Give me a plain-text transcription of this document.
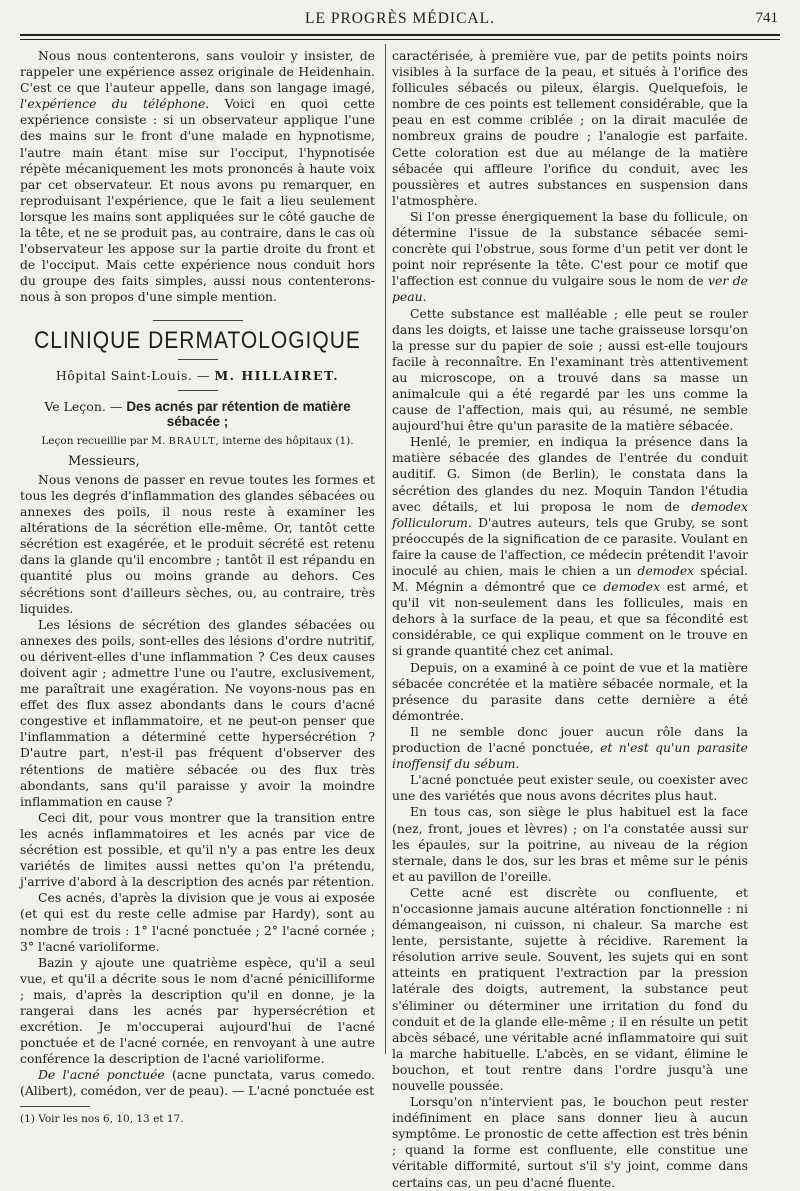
LE PROGRÈS MÉDICAL.	741

Nous nous contenterons, sans vouloir y insister, de rappeler une expérience assez originale de Heidenhain. C'est ce que l'auteur appelle, dans son langage imagé, l'expérience du téléphone. Voici en quoi cette expérience consiste : si un observateur applique l'une des mains sur le front d'une malade en hypnotisme, l'autre main étant mise sur l'occiput, l'hypnotisée répète mécaniquement les mots prononcés à haute voix par cet observateur. Et nous avons pu remarquer, en reproduisant l'expérience, que le fait a lieu seulement lorsque les mains sont appliquées sur le côté gauche de la tête, et ne se produit pas, au contraire, dans le cas où l'observateur les appose sur la partie droite du front et de l'occiput. Mais cette expérience nous conduit hors du groupe des faits simples, aussi nous contenterons-nous à son propos d'une simple mention.

CLINIQUE DERMATOLOGIQUE
Hôpital Saint-Louis. — M. HILLAIRET.
Ve Leçon. — Des acnés par rétention de matière sébacée ;
Leçon recueillie par M. BRAULT, interne des hôpitaux (1).

Messieurs,

Nous venons de passer en revue toutes les formes et tous les degrés d'inflammation des glandes sébacées ou annexes des poils, il nous reste à examiner les altérations de la sécrétion elle-même. Or, tantôt cette sécrétion est exagérée, et le produit sécrété est retenu dans la glande qu'il encombre ; tantôt il est répandu en quantité plus ou moins grande au dehors. Ces sécrétions sont d'ailleurs sèches, ou, au contraire, très liquides.

Les lésions de sécrétion des glandes sébacées ou annexes des poils, sont-elles des lésions d'ordre nutritif, ou dérivent-elles d'une inflammation ? Ces deux causes doivent agir ; admettre l'une ou l'autre, exclusivement, me paraîtrait une exagération. Ne voyons-nous pas en effet des flux assez abondants dans le cours d'acné congestive et inflammatoire, et ne peut-on penser que l'inflammation a déterminé cette hypersécrétion ? D'autre part, n'est-il pas fréquent d'observer des rétentions de matière sébacée ou des flux très abondants, sans qu'il paraisse y avoir la moindre inflammation en cause ?

Ceci dit, pour vous montrer que la transition entre les acnés inflammatoires et les acnés par vice de sécrétion est possible, et qu'il n'y a pas entre les deux variétés de limites aussi nettes qu'on l'a prétendu, j'arrive d'abord à la description des acnés par rétention.

Ces acnés, d'après la division que je vous ai exposée (et qui est du reste celle admise par Hardy), sont au nombre de trois : 1° l'acné ponctuée ; 2° l'acné cornée ; 3° l'acné varioliforme.

Bazin y ajoute une quatrième espèce, qu'il a seul vue, et qu'il a décrite sous le nom d'acné pénicilliforme ; mais, d'après la description qu'il en donne, je la rangerai dans les acnés par hypersécrétion et excrétion. Je m'occuperai aujourd'hui de l'acné ponctuée et de l'acné cornée, en renvoyant à une autre conférence la description de l'acné varioliforme.

De l'acné ponctuée (acne punctata, varus comedo. (Alibert), comédon, ver de peau). — L'acné ponctuée est

(1) Voir les nos 6, 10, 13 et 17.

caractérisée, à première vue, par de petits points noirs visibles à la surface de la peau, et situés à l'orifice des follicules sébacés ou pileux, élargis. Quelquefois, le nombre de ces points est tellement considérable, que la peau en est comme criblée ; on la dirait maculée de nombreux grains de poudre ; l'analogie est parfaite. Cette coloration est due au mélange de la matière sébacée qui affleure l'orifice du conduit, avec les poussières et autres substances en suspension dans l'atmosphère.

Si l'on presse énergiquement la base du follicule, on détermine l'issue de la substance sébacée semi-concrète qui l'obstrue, sous forme d'un petit ver dont le point noir représente la tête. C'est pour ce motif que l'affection est connue du vulgaire sous le nom de ver de peau.

Cette substance est malléable ; elle peut se rouler dans les doigts, et laisse une tache graisseuse lorsqu'on la presse sur du papier de soie ; aussi est-elle toujours facile à reconnaître. En l'examinant très attentivement au microscope, on a trouvé dans sa masse un animalcule qui a été regardé par les uns comme la cause de l'affection, mais qui, au résumé, ne semble aujourd'hui être qu'un parasite de la matière sébacée.

Henlé, le premier, en indiqua la présence dans la matière sébacée des glandes de l'entrée du conduit auditif. G. Simon (de Berlin), le constata dans la sécrétion des glandes du nez. Moquin Tandon l'étudia avec détails, et lui proposa le nom de demodex folliculorum. D'autres auteurs, tels que Gruby, se sont préoccupés de la signification de ce parasite. Voulant en faire la cause de l'affection, ce médecin prétendit l'avoir inoculé au chien, mais le chien a un demodex spécial. M. Mégnin a démontré que ce demodex est armé, et qu'il vit non-seulement dans les follicules, mais en dehors à la surface de la peau, et que sa fécondité est considérable, ce qui explique comment on le trouve en si grande quantité chez cet animal.

Depuis, on a examiné à ce point de vue et la matière sébacée concrétée et la matière sébacée normale, et la présence du parasite dans cette dernière a été démontrée.

Il ne semble donc jouer aucun rôle dans la production de l'acné ponctuée, et n'est qu'un parasite inoffensif du sébum.

L'acné ponctuée peut exister seule, ou coexister avec une des variétés que nous avons décrites plus haut.

En tous cas, son siège le plus habituel est la face (nez, front, joues et lèvres) ; on l'a constatée aussi sur les épaules, sur la poitrine, au niveau de la région sternale, dans le dos, sur les bras et même sur le pénis et au pavillon de l'oreille.

Cette acné est discrète ou confluente, et n'occasionne jamais aucune altération fonctionnelle : ni démangeaison, ni cuisson, ni chaleur. Sa marche est lente, persistante, sujette à récidive. Rarement la résolution arrive seule. Souvent, les sujets qui en sont atteints en pratiquent l'extraction par la pression latérale des doigts, autrement, la substance peut s'éliminer ou déterminer une irritation du fond du conduit et de la glande elle-même ; il en résulte un petit abcès sébacé, une véritable acné inflammatoire qui suit la marche habituelle. L'abcès, en se vidant, élimine le bouchon, et tout rentre dans l'ordre jusqu'à une nouvelle poussée.

Lorsqu'on n'intervient pas, le bouchon peut rester indéfiniment en place sans donner lieu à aucun symptôme. Le pronostic de cette affection est très bénin ; quand la forme est confluente, elle constitue une véritable difformité, surtout s'il s'y joint, comme dans certains cas, un peu d'acné fluente.
